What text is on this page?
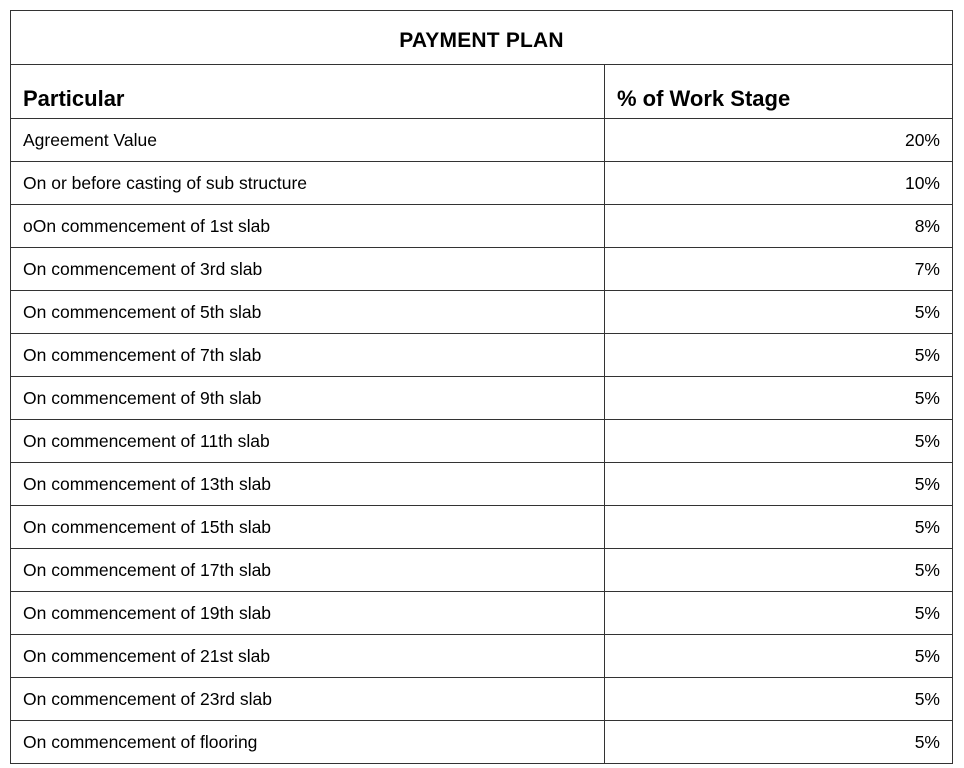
PAYMENT PLAN	
Particular	% of Work Stage
Agreement Value	20%
On or before casting of sub structure	10%
oOn commencement of 1st slab	8%
On commencement of 3rd slab	7%
On commencement of 5th slab	5%
On commencement of 7th slab	5%
On commencement of 9th slab	5%
On commencement of 11th slab	5%
On commencement of 13th slab	5%
On commencement of 15th slab	5%
On commencement of 17th slab	5%
On commencement of 19th slab	5%
On commencement of 21st slab	5%
On commencement of 23rd slab	5%
On commencement of flooring	5%
